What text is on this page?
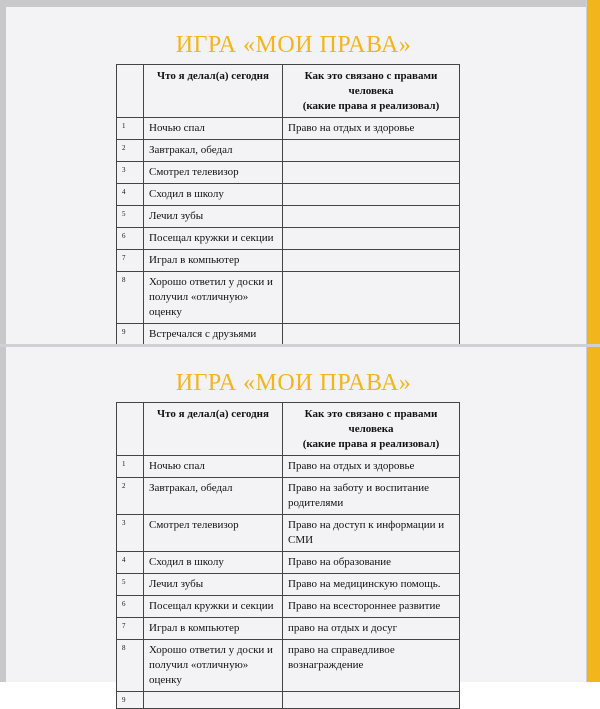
ИГРА «МОИ ПРАВА»
	Что я делал(а) сегодня	Как это связано с правами
человека
(какие права я реализовал)

1	Ночью спал	Право на отдых и здоровье
2	Завтракал, обедал	
3	Смотрел телевизор	
4	Сходил в школу	
5	Лечил зубы	
6	Посещал кружки и секции	
7	Играл в компьютер	
8	Хорошо ответил у доски и получил «отличную» оценку	
9	Встречался с друзьями	

ИГРА «МОИ ПРАВА»
	Что я делал(а) сегодня	Как это связано с правами
человека
(какие права я реализовал)

1	Ночью спал	Право на отдых и здоровье
2	Завтракал, обедал	Право на заботу и воспитание родителями
3	Смотрел телевизор	Право на доступ к информации и СМИ
4	Сходил в школу	Право на образование
5	Лечил зубы	Право на медицинскую помощь.
6	Посещал кружки и секции	Право на всестороннее развитие
7	Играл в компьютер	право на отдых и досуг
8	Хорошо ответил у доски и получил «отличную» оценку	право на справедливое вознаграждение
9		
